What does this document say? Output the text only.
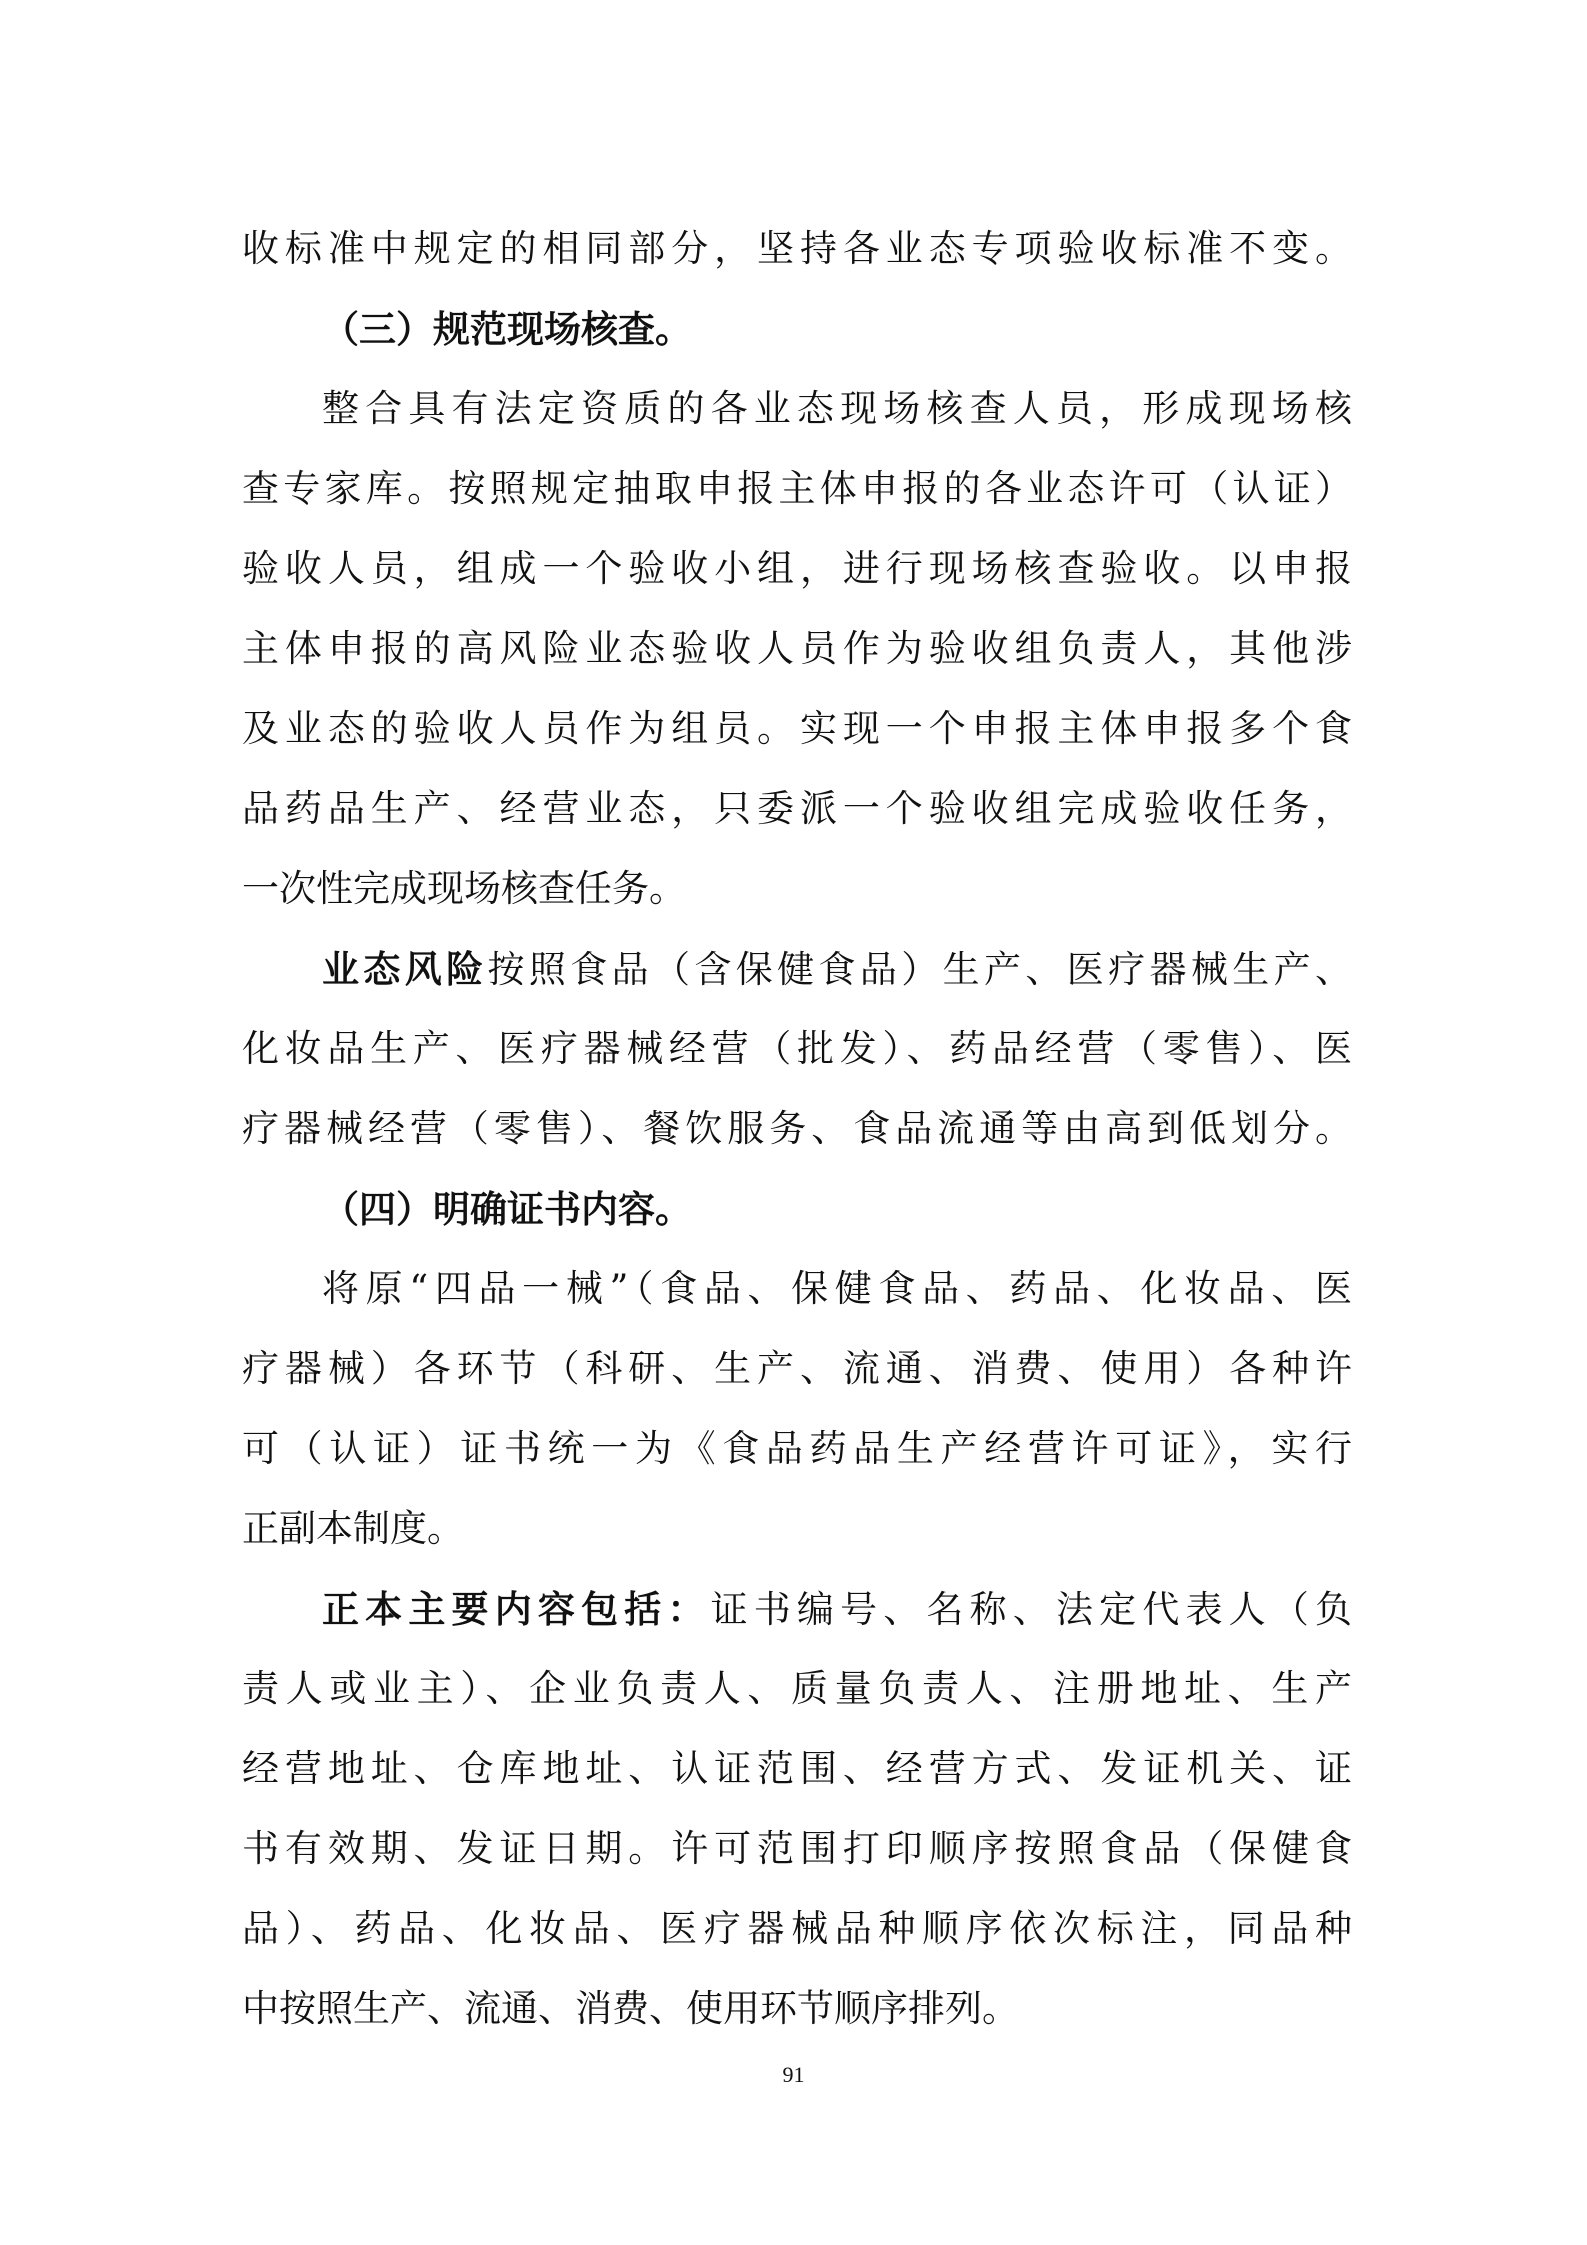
收标准中规定的相同部分，坚持各业态专项验收标准不变。
（三）规范现场核查。
整合具有法定资质的各业态现场核查人员，形成现场核
查专家库。按照规定抽取申报主体申报的各业态许可（认证）
验收人员，组成一个验收小组，进行现场核查验收。以申报
主体申报的高风险业态验收人员作为验收组负责人，其他涉
及业态的验收人员作为组员。实现一个申报主体申报多个食
品药品生产、经营业态，只委派一个验收组完成验收任务，
一次性完成现场核查任务。
业态风险按照食品（含保健食品）生产、医疗器械生产、
化妆品生产、医疗器械经营（批发）、药品经营（零售）、医
疗器械经营（零售）、餐饮服务、食品流通等由高到低划分。
（四）明确证书内容。
将原“四品一械”（食品、保健食品、药品、化妆品、医
疗器械）各环节（科研、生产、流通、消费、使用）各种许
可（认证）证书统一为《食品药品生产经营许可证》，实行
正副本制度。
正本主要内容包括：证书编号、名称、法定代表人（负
责人或业主）、企业负责人、质量负责人、注册地址、生产
经营地址、仓库地址、认证范围、经营方式、发证机关、证
书有效期、发证日期。许可范围打印顺序按照食品（保健食
品）、药品、化妆品、医疗器械品种顺序依次标注，同品种
中按照生产、流通、消费、使用环节顺序排列。
91
